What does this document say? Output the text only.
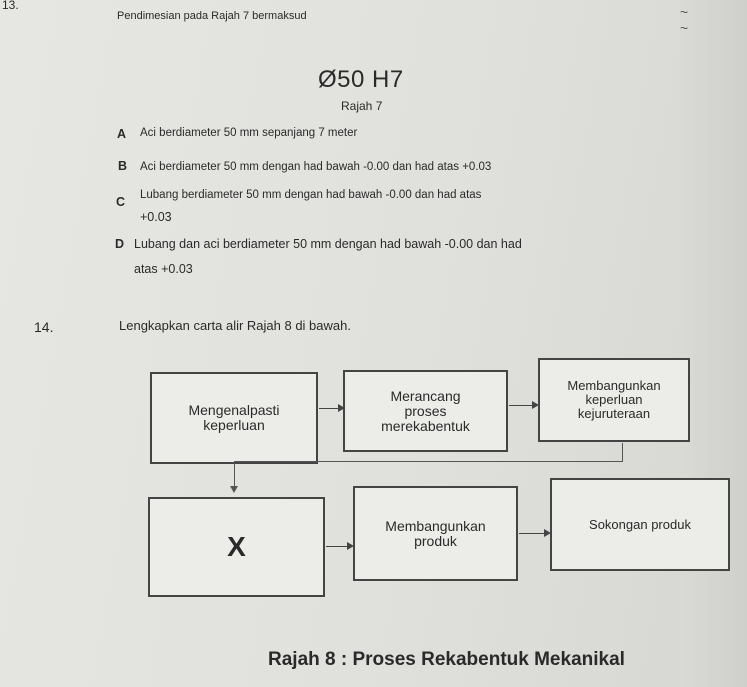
~
~
13.
Pendimesian pada Rajah 7 bermaksud
Ø50 H7
Rajah 7
A Aci berdiameter 50 mm sepanjang 7 meter
B Aci berdiameter 50 mm dengan had bawah -0.00 dan had atas +0.03
C Lubang berdiameter 50 mm dengan had bawah -0.00 dan had atas
+0.03
D Lubang dan aci berdiameter 50 mm dengan had bawah -0.00 dan had
atas +0.03
14.	Lengkapkan carta alir Rajah 8 di bawah.
Mengenalpasti
keperluan
Merancang
proses
merekabentuk
Membangunkan
keperluan
kejuruteraan
X
Membangunkan
produk
Sokongan produk
Rajah 8 : Proses Rekabentuk Mekanikal
